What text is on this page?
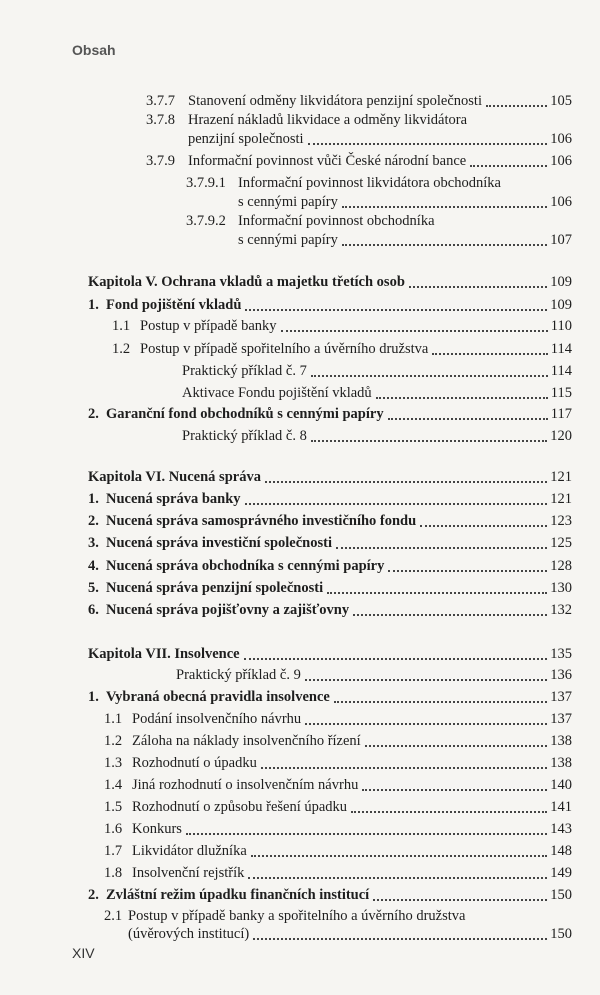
Obsah
3.7.7 Stanovení odměny likvidátora penzijní společnosti	105
3.7.8 Hrazení nákladů likvidace a odměny likvidátora
penzijní společnosti	106
3.7.9 Informační povinnost vůči České národní bance	106
3.7.9.1 Informační povinnost likvidátora obchodníka
s cennými papíry	106
3.7.9.2 Informační povinnost obchodníka
s cennými papíry	107
Kapitola V. Ochrana vkladů a majetku třetích osob	109
1. Fond pojištění vkladů	109
1.1 Postup v případě banky	110
1.2 Postup v případě spořitelního a úvěrního družstva	114
Praktický příklad č. 7	114
Aktivace Fondu pojištění vkladů	115
2. Garanční fond obchodníků s cennými papíry	117
Praktický příklad č. 8	120
Kapitola VI. Nucená správa	121
1. Nucená správa banky	121
2. Nucená správa samosprávného investičního fondu	123
3. Nucená správa investiční společnosti	125
4. Nucená správa obchodníka s cennými papíry	128
5. Nucená správa penzijní společnosti	130
6. Nucená správa pojišťovny a zajišťovny	132
Kapitola VII. Insolvence	135
Praktický příklad č. 9	136
1. Vybraná obecná pravidla insolvence	137
1.1 Podání insolvenčního návrhu	137
1.2 Záloha na náklady insolvenčního řízení	138
1.3 Rozhodnutí o úpadku	138
1.4 Jiná rozhodnutí o insolvenčním návrhu	140
1.5 Rozhodnutí o způsobu řešení úpadku	141
1.6 Konkurs	143
1.7 Likvidátor dlužníka	148
1.8 Insolvenční rejstřík	149
2. Zvláštní režim úpadku finančních institucí	150
2.1 Postup v případě banky a spořitelního a úvěrního družstva
(úvěrových institucí)	150
XIV
